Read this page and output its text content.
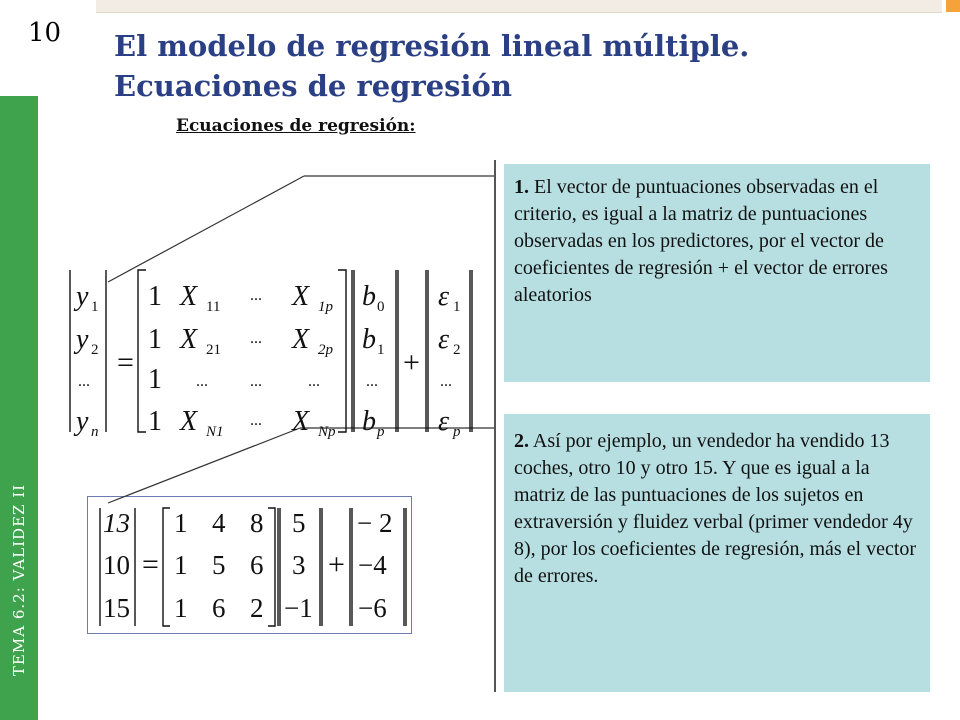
TEMA 6.2: VALIDEZ II
10 El modelo de regresión lineal múltiple.
Ecuaciones de regresión
Ecuaciones de regresión:
1. El vector de puntuaciones observadas en el criterio, es igual a la matriz de puntuaciones observadas en los predictores, por el vector de coeficientes de regresión + el vector de errores aleatorios
2. Así por ejemplo, un vendedor ha vendido 13 coches, otro 10 y otro 15. Y que es igual a la matriz de las puntuaciones de los sujetos en extraversión y fluidez verbal (primer vendedor 4y 8), por los coeficientes de regresión, más el vector de errores.
y 1
y 2
...
y n
=
1
1
1
1
X 11
X 21
...
X N1
...
...
...
...
X 1p
X 2p
...
X Np
b 0
b 1
...
b p
+
ε 1
ε 2
...
ε p
13
10
15
=
1 4 8
1 5 6
1 6 2
5
3
−1
+
− 2
−4
−6
